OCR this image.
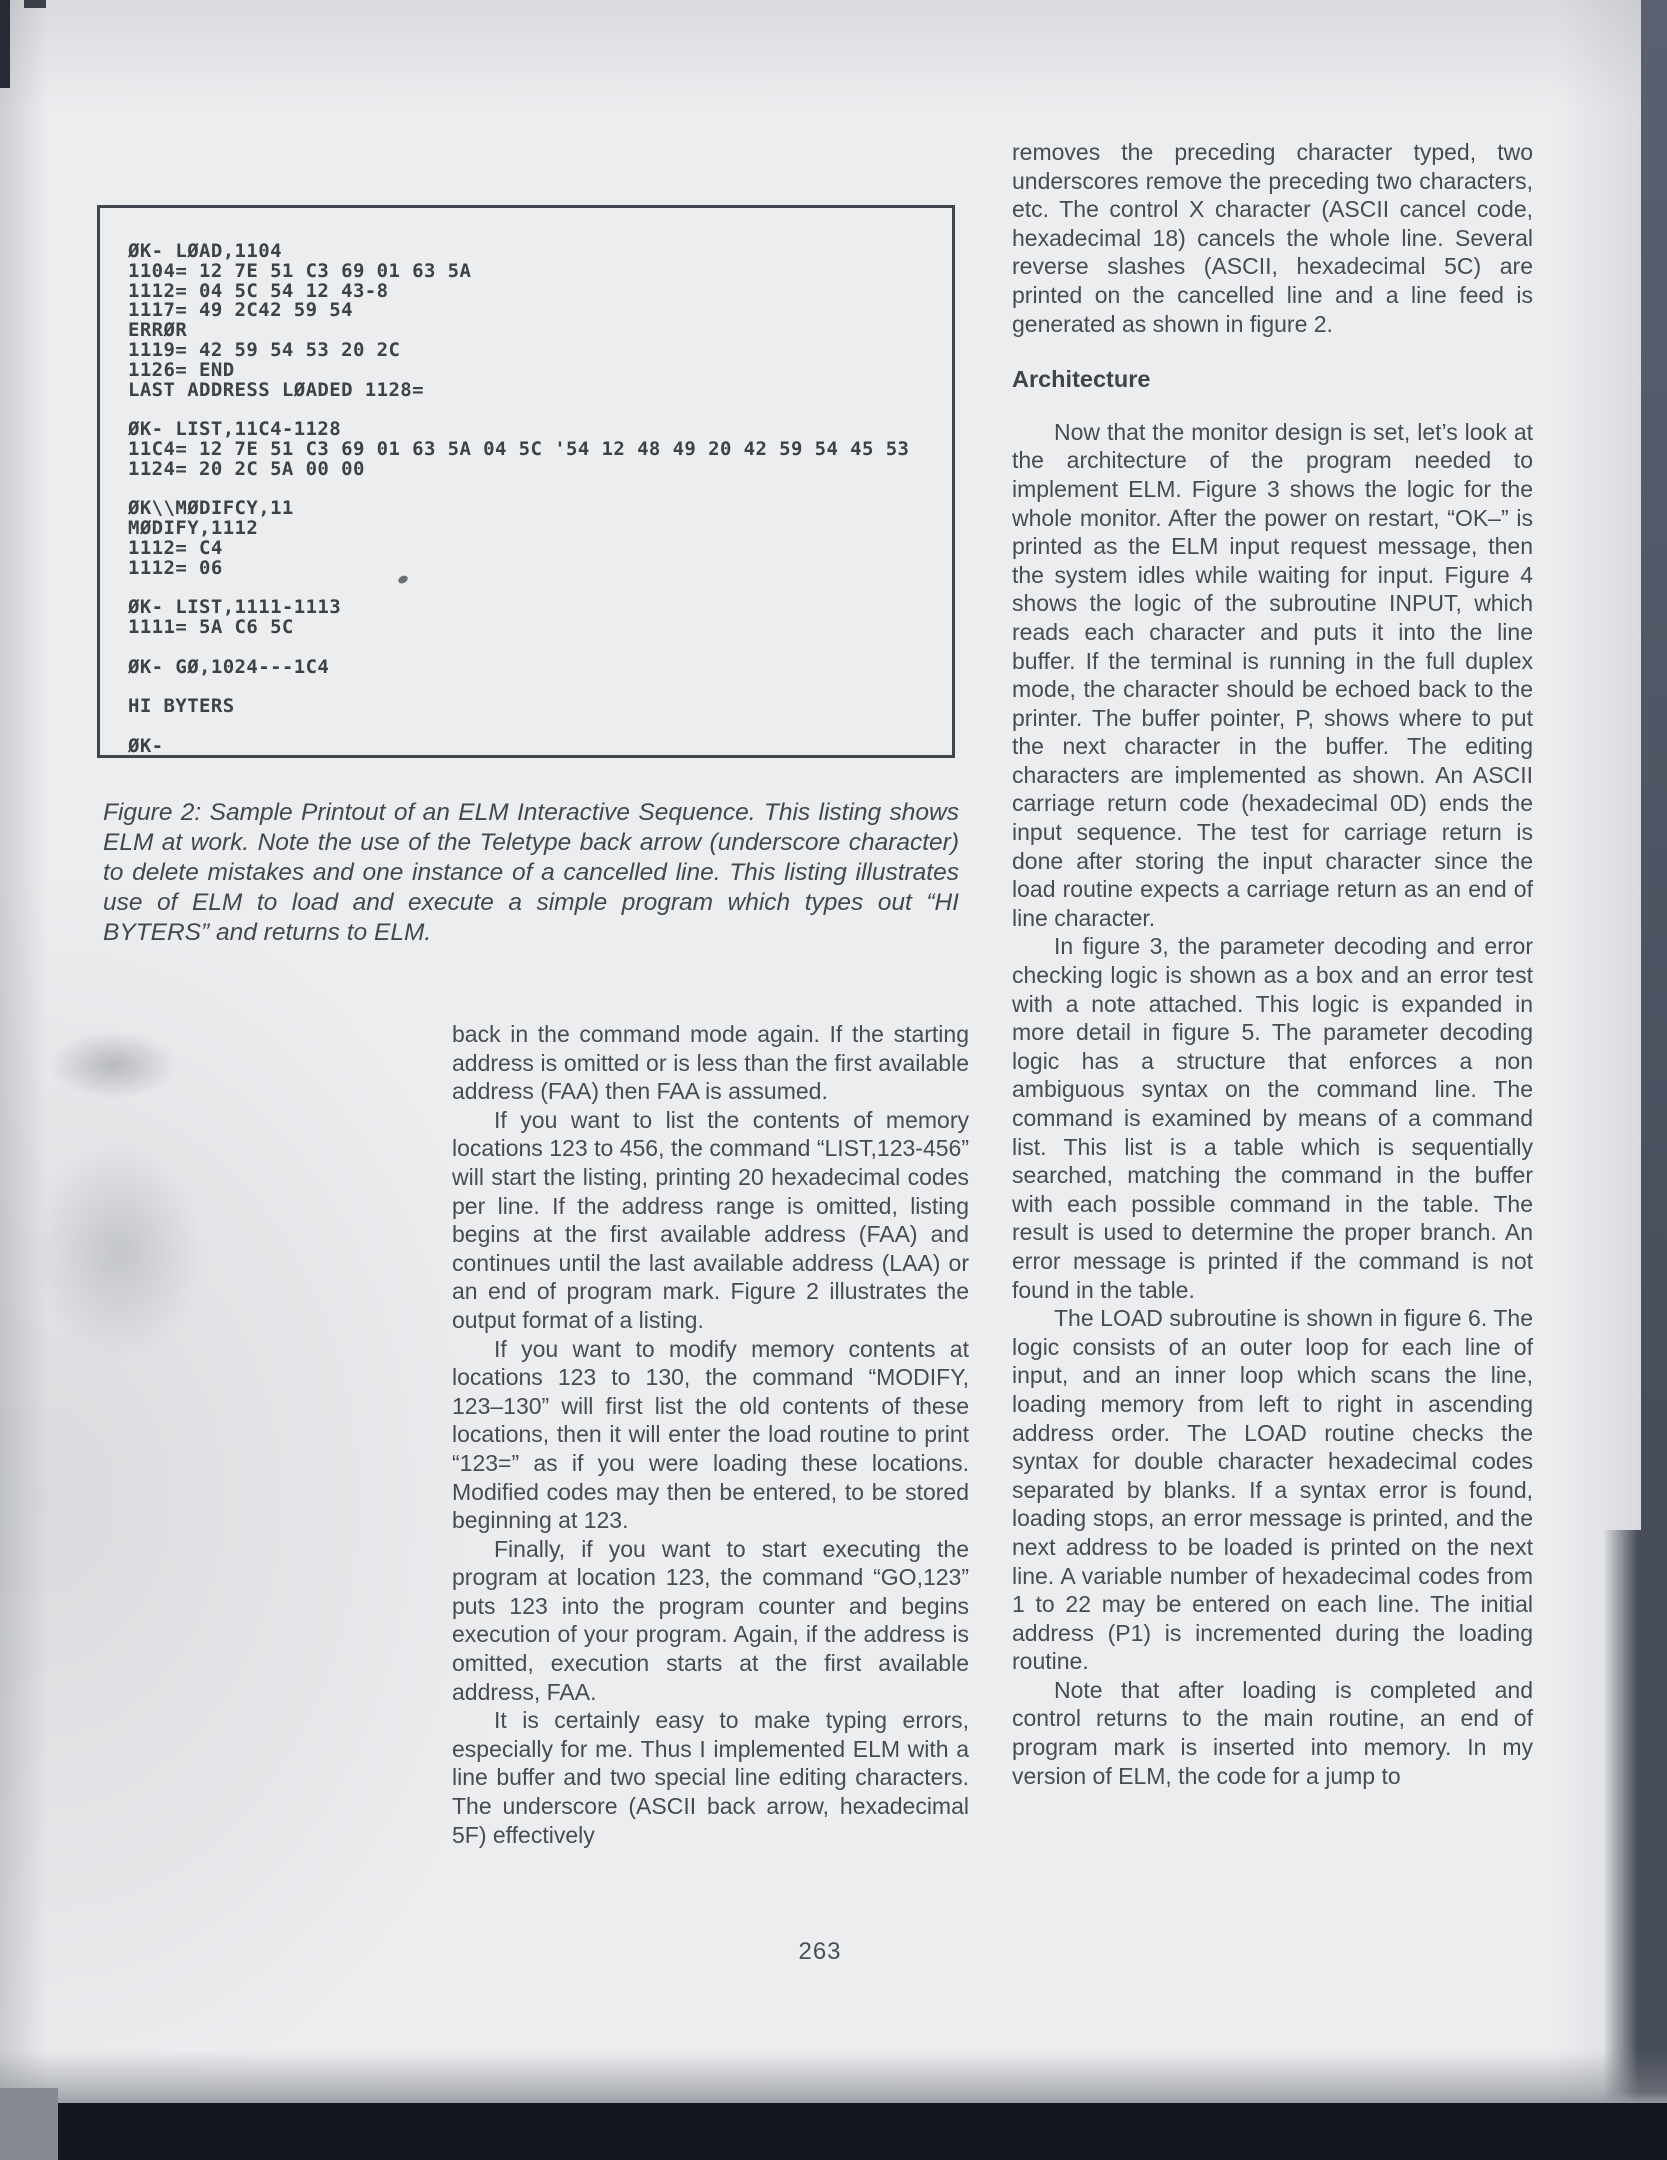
ØK- LØAD,1104
1104= 12 7E 51 C3 69 01 63 5A
1112= 04 5C 54 12 43-8
1117= 49 2C42 59 54
ERRØR
1119= 42 59 54 53 20 2C
1126= END
LAST ADDRESS LØADED 1128=
ØK- LIST,11C4-1128
11C4= 12 7E 51 C3 69 01 63 5A 04 5C '54 12 48 49 20 42 59 54 45 53
1124= 20 2C 5A 00 00
ØK\\MØDIFCY,11
MØDIFY,1112
1112= C4
1112= 06
ØK- LIST,1111-1113
1111= 5A C6 5C
ØK- GØ,1024---1C4
HI BYTERS
ØK-
Figure 2: Sample Printout of an ELM Interactive Sequence. This listing shows ELM at work. Note the use of the Teletype back arrow (underscore character) to delete mistakes and one instance of a cancelled line. This listing illustrates use of ELM to load and execute a simple program which types out “HI BYTERS” and returns to ELM.
back in the command mode again. If the starting address is omitted or is less than the first available address (FAA) then FAA is assumed.
If you want to list the contents of memory locations 123 to 456, the command “LIST,123-456” will start the listing, printing 20 hexadecimal codes per line. If the address range is omitted, listing begins at the first available address (FAA) and continues until the last available address (LAA) or an end of program mark. Figure 2 illustrates the output format of a listing.
If you want to modify memory contents at locations 123 to 130, the command “MODIFY, 123–130” will first list the old contents of these locations, then it will enter the load routine to print “123=” as if you were loading these locations. Modified codes may then be entered, to be stored beginning at 123.
Finally, if you want to start executing the program at location 123, the command “GO,123” puts 123 into the program counter and begins execution of your program. Again, if the address is omitted, execution starts at the first available address, FAA.
It is certainly easy to make typing errors, especially for me. Thus I implemented ELM with a line buffer and two special line editing characters. The underscore (ASCII back arrow, hexadecimal 5F) effectively
removes the preceding character typed, two underscores remove the preceding two characters, etc. The control X character (ASCII cancel code, hexadecimal 18) cancels the whole line. Several reverse slashes (ASCII, hexadecimal 5C) are printed on the cancelled line and a line feed is generated as shown in figure 2.
Architecture
Now that the monitor design is set, let’s look at the architecture of the program needed to implement ELM. Figure 3 shows the logic for the whole monitor. After the power on restart, “OK–” is printed as the ELM input request message, then the system idles while waiting for input. Figure 4 shows the logic of the subroutine INPUT, which reads each character and puts it into the line buffer. If the terminal is running in the full duplex mode, the character should be echoed back to the printer. The buffer pointer, P, shows where to put the next character in the buffer. The editing characters are implemented as shown. An ASCII carriage return code (hexadecimal 0D) ends the input sequence. The test for carriage return is done after storing the input character since the load routine expects a carriage return as an end of line character.
In figure 3, the parameter decoding and error checking logic is shown as a box and an error test with a note attached. This logic is expanded in more detail in figure 5. The parameter decoding logic has a structure that enforces a non ambiguous syntax on the command line. The command is examined by means of a command list. This list is a table which is sequentially searched, matching the command in the buffer with each possible command in the table. The result is used to determine the proper branch. An error message is printed if the command is not found in the table.
The LOAD subroutine is shown in figure 6. The logic consists of an outer loop for each line of input, and an inner loop which scans the line, loading memory from left to right in ascending address order. The LOAD routine checks the syntax for double character hexadecimal codes separated by blanks. If a syntax error is found, loading stops, an error message is printed, and the next address to be loaded is printed on the next line. A variable number of hexadecimal codes from 1 to 22 may be entered on each line. The initial address (P1) is incremented during the loading routine.
Note that after loading is completed and control returns to the main routine, an end of program mark is inserted into memory. In my version of ELM, the code for a jump to
263
